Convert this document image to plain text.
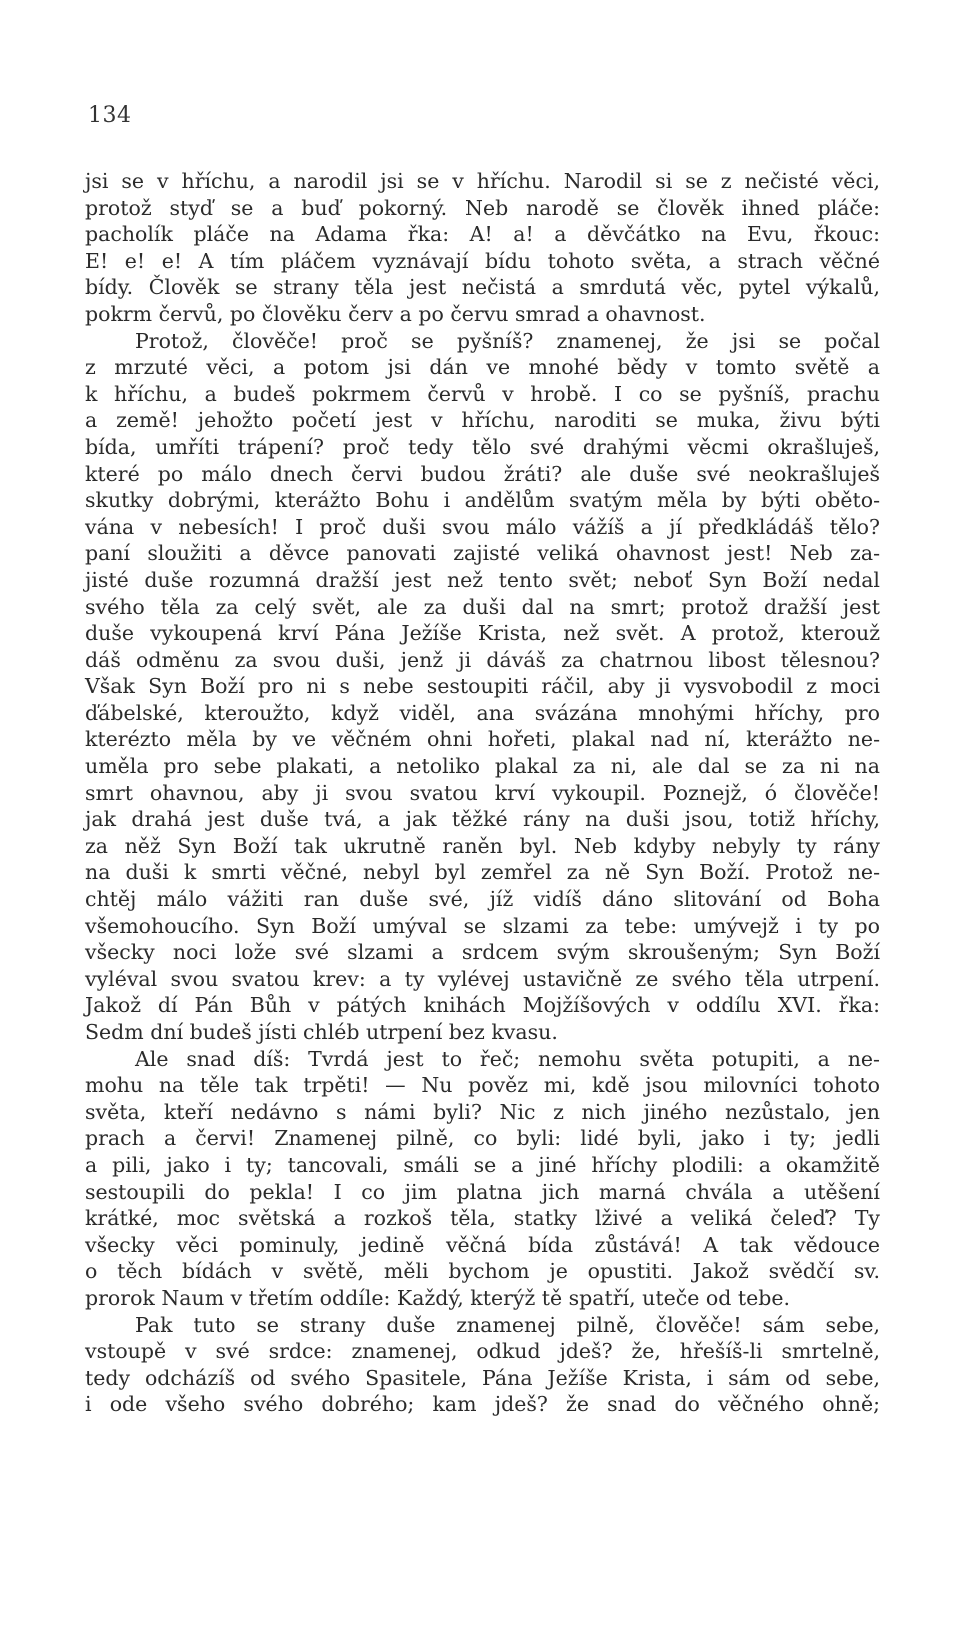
134
jsi se v hříchu, a narodil jsi se v hříchu. Narodil si se z nečisté věci,
protož styď se a buď pokorný. Neb narodě se člověk ihned pláče:
pacholík pláče na Adama řka: A! a! a děvčátko na Evu, řkouc:
E! e! e! A tím pláčem vyznávají bídu tohoto světa, a strach věčné
bídy. Člověk se strany těla jest nečistá a smrdutá věc, pytel výkalů,
pokrm červů, po člověku červ a po červu smrad a ohavnost.
Protož, člověče! proč se pyšníš? znamenej, že jsi se počal
z mrzuté věci, a potom jsi dán ve mnohé bědy v tomto světě a
k hříchu, a budeš pokrmem červů v hrobě. I co se pyšníš, prachu
a země! jehožto početí jest v hříchu, naroditi se muka, živu býti
bída, umříti trápení? proč tedy tělo své drahými věcmi okrašluješ,
které po málo dnech červi budou žráti? ale duše své neokrašluješ
skutky dobrými, kterážto Bohu i andělům svatým měla by býti oběto-
vána v nebesích! I proč duši svou málo vážíš a jí předkládáš tělo?
paní sloužiti a děvce panovati zajisté veliká ohavnost jest! Neb za-
jisté duše rozumná dražší jest než tento svět; neboť Syn Boží nedal
svého těla za celý svět, ale za duši dal na smrt; protož dražší jest
duše vykoupená krví Pána Ježíše Krista, než svět. A protož, kterouž
dáš odměnu za svou duši, jenž ji dáváš za chatrnou libost tělesnou?
Však Syn Boží pro ni s nebe sestoupiti ráčil, aby ji vysvobodil z moci
ďábelské, kteroužto, když viděl, ana svázána mnohými hříchy, pro
kterézto měla by ve věčném ohni hořeti, plakal nad ní, kterážto ne-
uměla pro sebe plakati, a netoliko plakal za ni, ale dal se za ni na
smrt ohavnou, aby ji svou svatou krví vykoupil. Poznejž, ó člověče!
jak drahá jest duše tvá, a jak těžké rány na duši jsou, totiž hříchy,
za něž Syn Boží tak ukrutně raněn byl. Neb kdyby nebyly ty rány
na duši k smrti věčné, nebyl byl zemřel za ně Syn Boží. Protož ne-
chtěj málo vážiti ran duše své, jíž vidíš dáno slitování od Boha
všemohoucího. Syn Boží umýval se slzami za tebe: umývejž i ty po
všecky noci lože své slzami a srdcem svým skroušeným; Syn Boží
vyléval svou svatou krev: a ty vylévej ustavičně ze svého těla utrpení.
Jakož dí Pán Bůh v pátých knihách Mojžíšových v oddílu XVI. řka:
Sedm dní budeš jísti chléb utrpení bez kvasu.
Ale snad díš: Tvrdá jest to řeč; nemohu světa potupiti, a ne-
mohu na těle tak trpěti! — Nu pověz mi, kdě jsou milovníci tohoto
světa, kteří nedávno s námi byli? Nic z nich jiného nezůstalo, jen
prach a červi! Znamenej pilně, co byli: lidé byli, jako i ty; jedli
a pili, jako i ty; tancovali, smáli se a jiné hříchy plodili: a okamžitě
sestoupili do pekla! I co jim platna jich marná chvála a utěšení
krátké, moc světská a rozkoš těla, statky lživé a veliká čeleď? Ty
všecky věci pominuly, jedině věčná bída zůstává! A tak vědouce
o těch bídách v světě, měli bychom je opustiti. Jakož svědčí sv.
prorok Naum v třetím oddíle: Každý, kterýž tě spatří, uteče od tebe.
Pak tuto se strany duše znamenej pilně, člověče! sám sebe,
vstoupě v své srdce: znamenej, odkud jdeš? že, hřešíš-li smrtelně,
tedy odcházíš od svého Spasitele, Pána Ježíše Krista, i sám od sebe,
i ode všeho svého dobrého; kam jdeš? že snad do věčného ohně;
